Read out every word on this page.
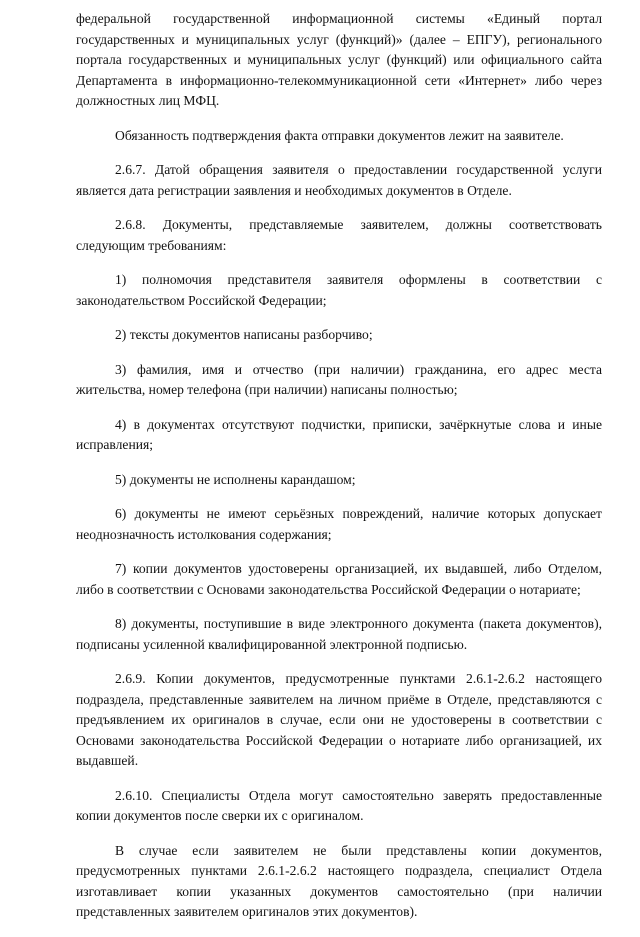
федеральной государственной информационной системы «Единый портал государственных и муниципальных услуг (функций)» (далее – ЕПГУ), регионального портала государственных и муниципальных услуг (функций) или официального сайта Департамента в информационно-телекоммуникационной сети «Интернет» либо через должностных лиц МФЦ.

Обязанность подтверждения факта отправки документов лежит на заявителе.

2.6.7. Датой обращения заявителя о предоставлении государственной услуги является дата регистрации заявления и необходимых документов в Отделе.

2.6.8. Документы, представляемые заявителем, должны соответствовать следующим требованиям:

1) полномочия представителя заявителя оформлены в соответствии с законодательством Российской Федерации;

2) тексты документов написаны разборчиво;

3) фамилия, имя и отчество (при наличии) гражданина, его адрес места жительства, номер телефона (при наличии) написаны полностью;

4) в документах отсутствуют подчистки, приписки, зачёркнутые слова и иные исправления;

5) документы не исполнены карандашом;

6) документы не имеют серьёзных повреждений, наличие которых допускает неоднозначность истолкования содержания;

7) копии документов удостоверены организацией, их выдавшей, либо Отделом, либо в соответствии с Основами законодательства Российской Федерации о нотариате;

8) документы, поступившие в виде электронного документа (пакета документов), подписаны усиленной квалифицированной электронной подписью.

2.6.9. Копии документов, предусмотренные пунктами 2.6.1-2.6.2 настоящего подраздела, представленные заявителем на личном приёме в Отделе, представляются с предъявлением их оригиналов в случае, если они не удостоверены в соответствии с Основами законодательства Российской Федерации о нотариате либо организацией, их выдавшей.

2.6.10. Специалисты Отдела могут самостоятельно заверять предоставленные копии документов после сверки их с оригиналом.

В случае если заявителем не были представлены копии документов, предусмотренных пунктами 2.6.1-2.6.2 настоящего подраздела, специалист Отдела изготавливает копии указанных документов самостоятельно (при наличии представленных заявителем оригиналов этих документов).
